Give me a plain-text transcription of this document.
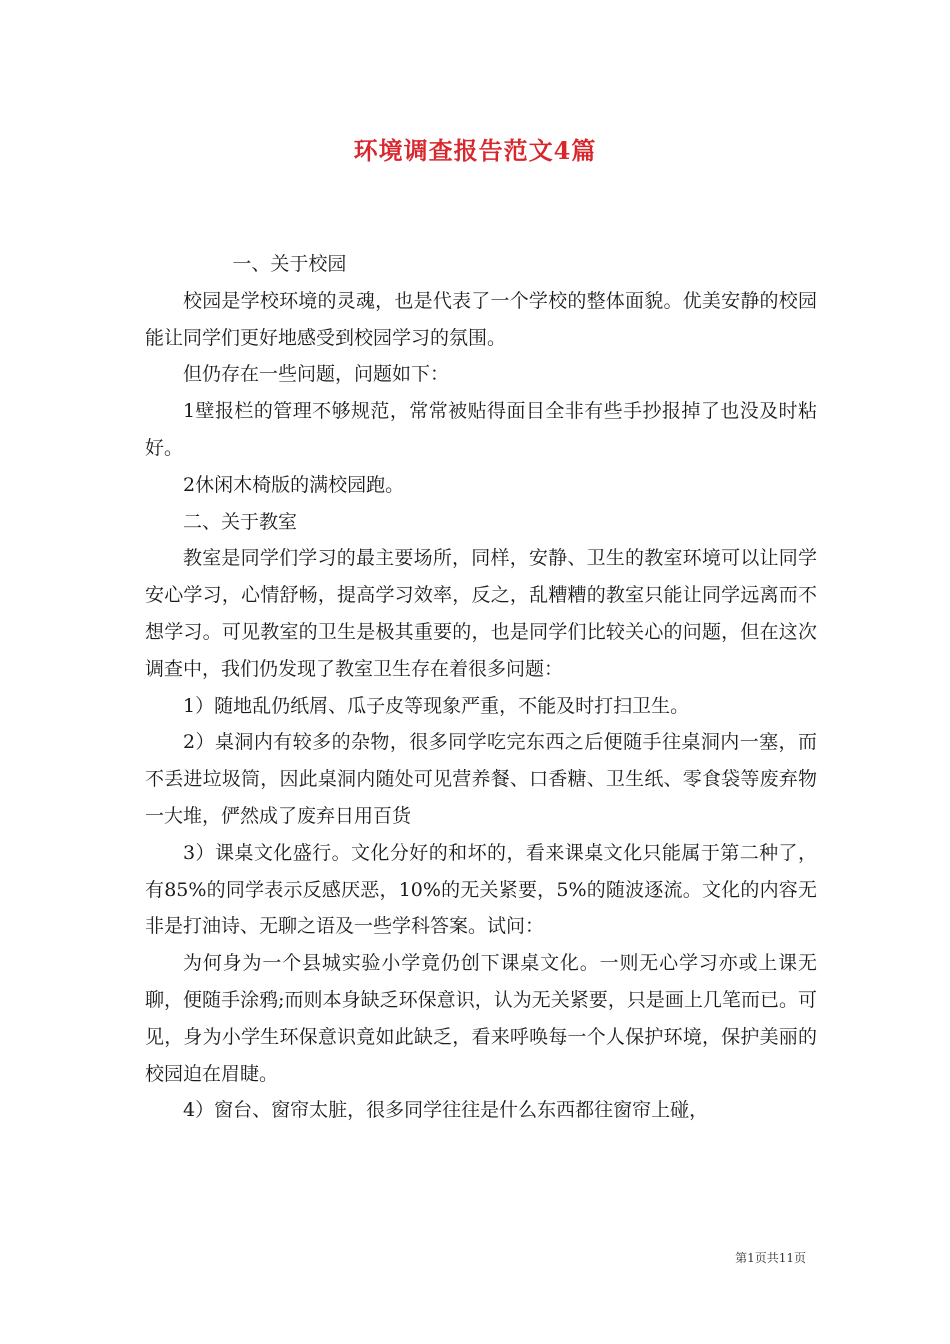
环境调查报告范文4篇

一、关于校园

校园是学校环境的灵魂，也是代表了一个学校的整体面貌。优美安静的校园能让同学们更好地感受到校园学习的氛围。

但仍存在一些问题，问题如下：

1壁报栏的管理不够规范，常常被贴得面目全非有些手抄报掉了也没及时粘好。

2休闲木椅版的满校园跑。

二、关于教室

教室是同学们学习的最主要场所，同样，安静、卫生的教室环境可以让同学安心学习，心情舒畅，提高学习效率，反之，乱糟糟的教室只能让同学远离而不想学习。可见教室的卫生是极其重要的，也是同学们比较关心的问题，但在这次调查中，我们仍发现了教室卫生存在着很多问题：

1）随地乱仍纸屑、瓜子皮等现象严重，不能及时打扫卫生。

2）桌洞内有较多的杂物，很多同学吃完东西之后便随手往桌洞内一塞，而不丢进垃圾筒，因此桌洞内随处可见营养餐、口香糖、卫生纸、零食袋等废弃物一大堆，俨然成了废弃日用百货

3）课桌文化盛行。文化分好的和坏的，看来课桌文化只能属于第二种了，有85%的同学表示反感厌恶，10%的无关紧要，5%的随波逐流。文化的内容无非是打油诗、无聊之语及一些学科答案。试问：

为何身为一个县城实验小学竟仍创下课桌文化。一则无心学习亦或上课无聊，便随手涂鸦;而则本身缺乏环保意识，认为无关紧要，只是画上几笔而已。可见，身为小学生环保意识竟如此缺乏，看来呼唤每一个人保护环境，保护美丽的校园迫在眉睫。

4）窗台、窗帘太脏，很多同学往往是什么东西都往窗帘上碰，

第1页共11页
